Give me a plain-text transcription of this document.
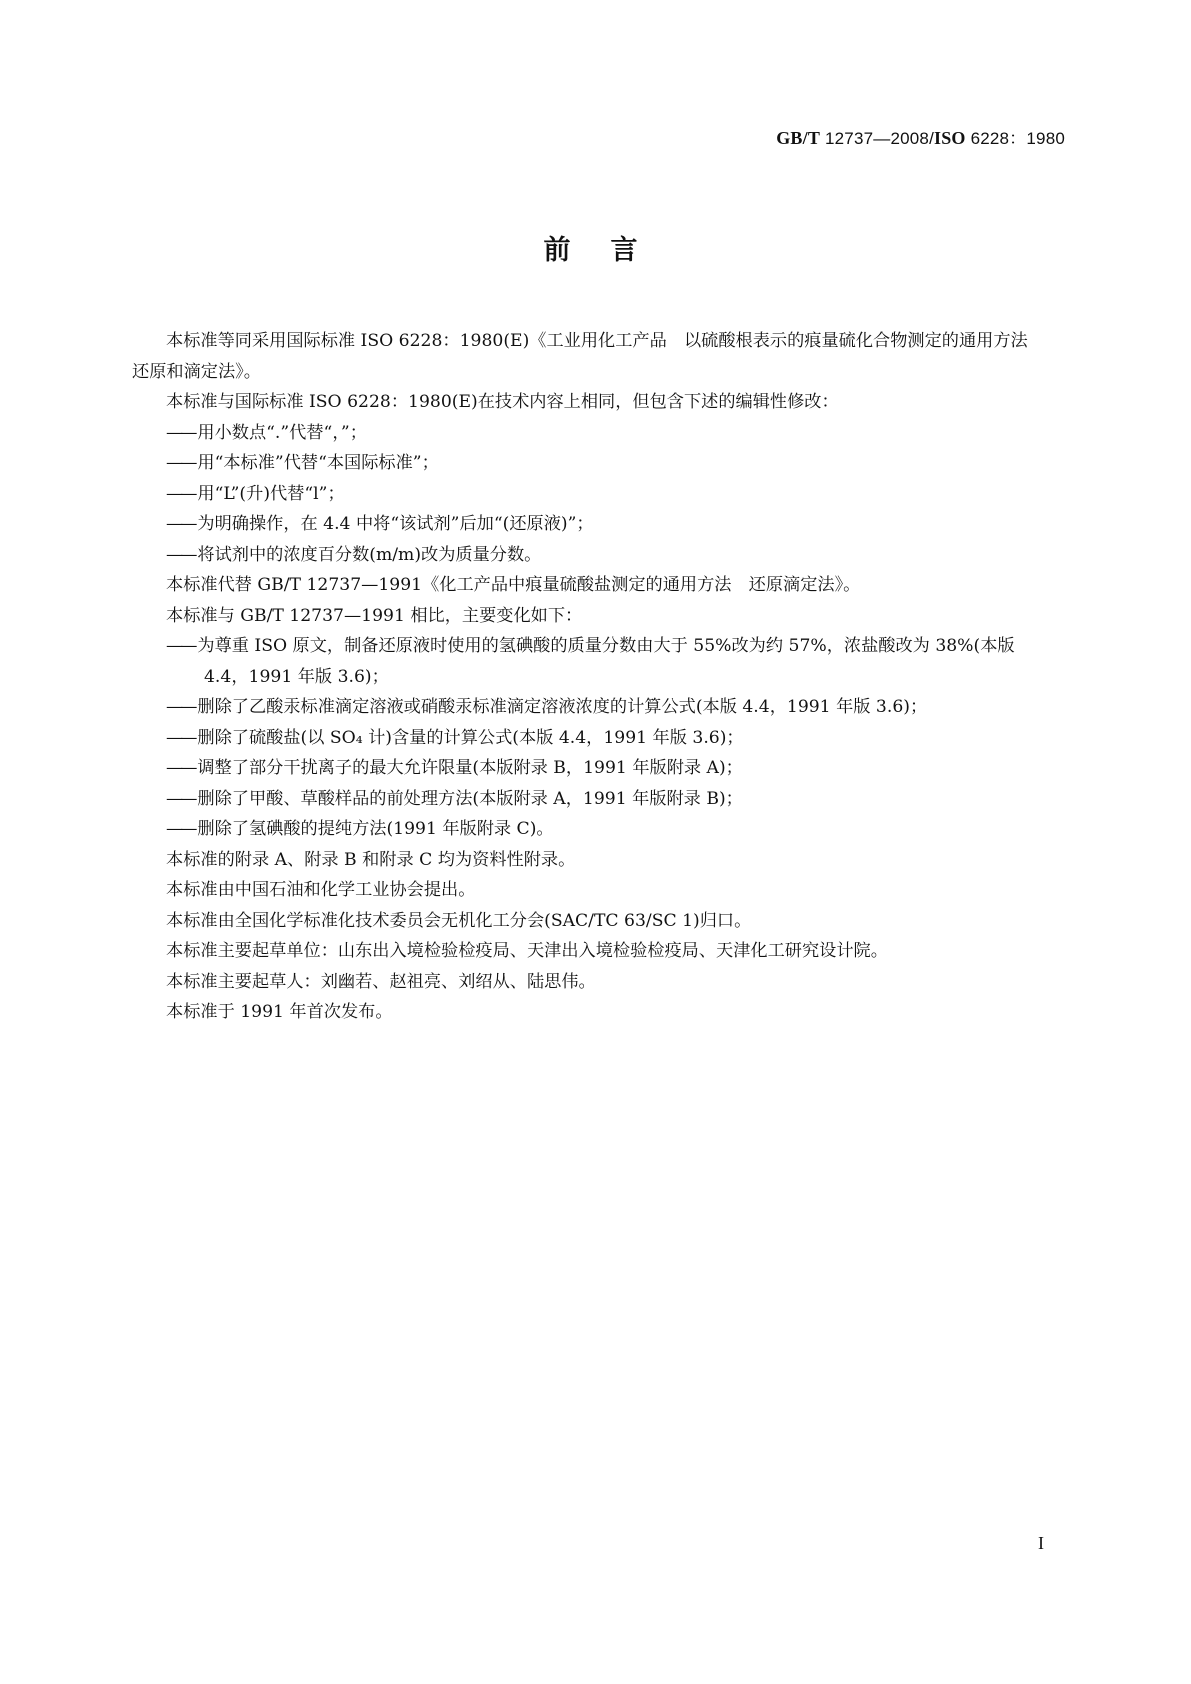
GB/T 12737—2008/ISO 6228：1980
前言

本标准等同采用国际标准 ISO 6228：1980(E)《工业用化工产品　以硫酸根表示的痕量硫化合物测定的通用方法　还原和滴定法》。

本标准与国际标准 ISO 6228：1980(E)在技术内容上相同，但包含下述的编辑性修改：

—— 用小数点“.”代替“，”；

—— 用“本标准”代替“本国际标准”；

—— 用“L”(升)代替“l”；

—— 为明确操作，在 4.4 中将“该试剂”后加“(还原液)”；

—— 将试剂中的浓度百分数(m/m)改为质量分数。

本标准代替 GB/T 12737—1991《化工产品中痕量硫酸盐测定的通用方法　还原滴定法》。

本标准与 GB/T 12737—1991 相比，主要变化如下：

—— 为尊重 ISO 原文，制备还原液时使用的氢碘酸的质量分数由大于 55%改为约 57%，浓盐酸改为 38%(本版 4.4，1991 年版 3.6)；

—— 删除了乙酸汞标准滴定溶液或硝酸汞标准滴定溶液浓度的计算公式(本版 4.4，1991 年版 3.6)；

—— 删除了硫酸盐(以 SO₄ 计)含量的计算公式(本版 4.4，1991 年版 3.6)；

—— 调整了部分干扰离子的最大允许限量(本版附录 B，1991 年版附录 A)；

—— 删除了甲酸、草酸样品的前处理方法(本版附录 A，1991 年版附录 B)；

—— 删除了氢碘酸的提纯方法(1991 年版附录 C)。

本标准的附录 A、附录 B 和附录 C 均为资料性附录。

本标准由中国石油和化学工业协会提出。

本标准由全国化学标准化技术委员会无机化工分会(SAC/TC 63/SC 1)归口。

本标准主要起草单位：山东出入境检验检疫局、天津出入境检验检疫局、天津化工研究设计院。

本标准主要起草人：刘幽若、赵祖亮、刘绍从、陆思伟。

本标准于 1991 年首次发布。

I
